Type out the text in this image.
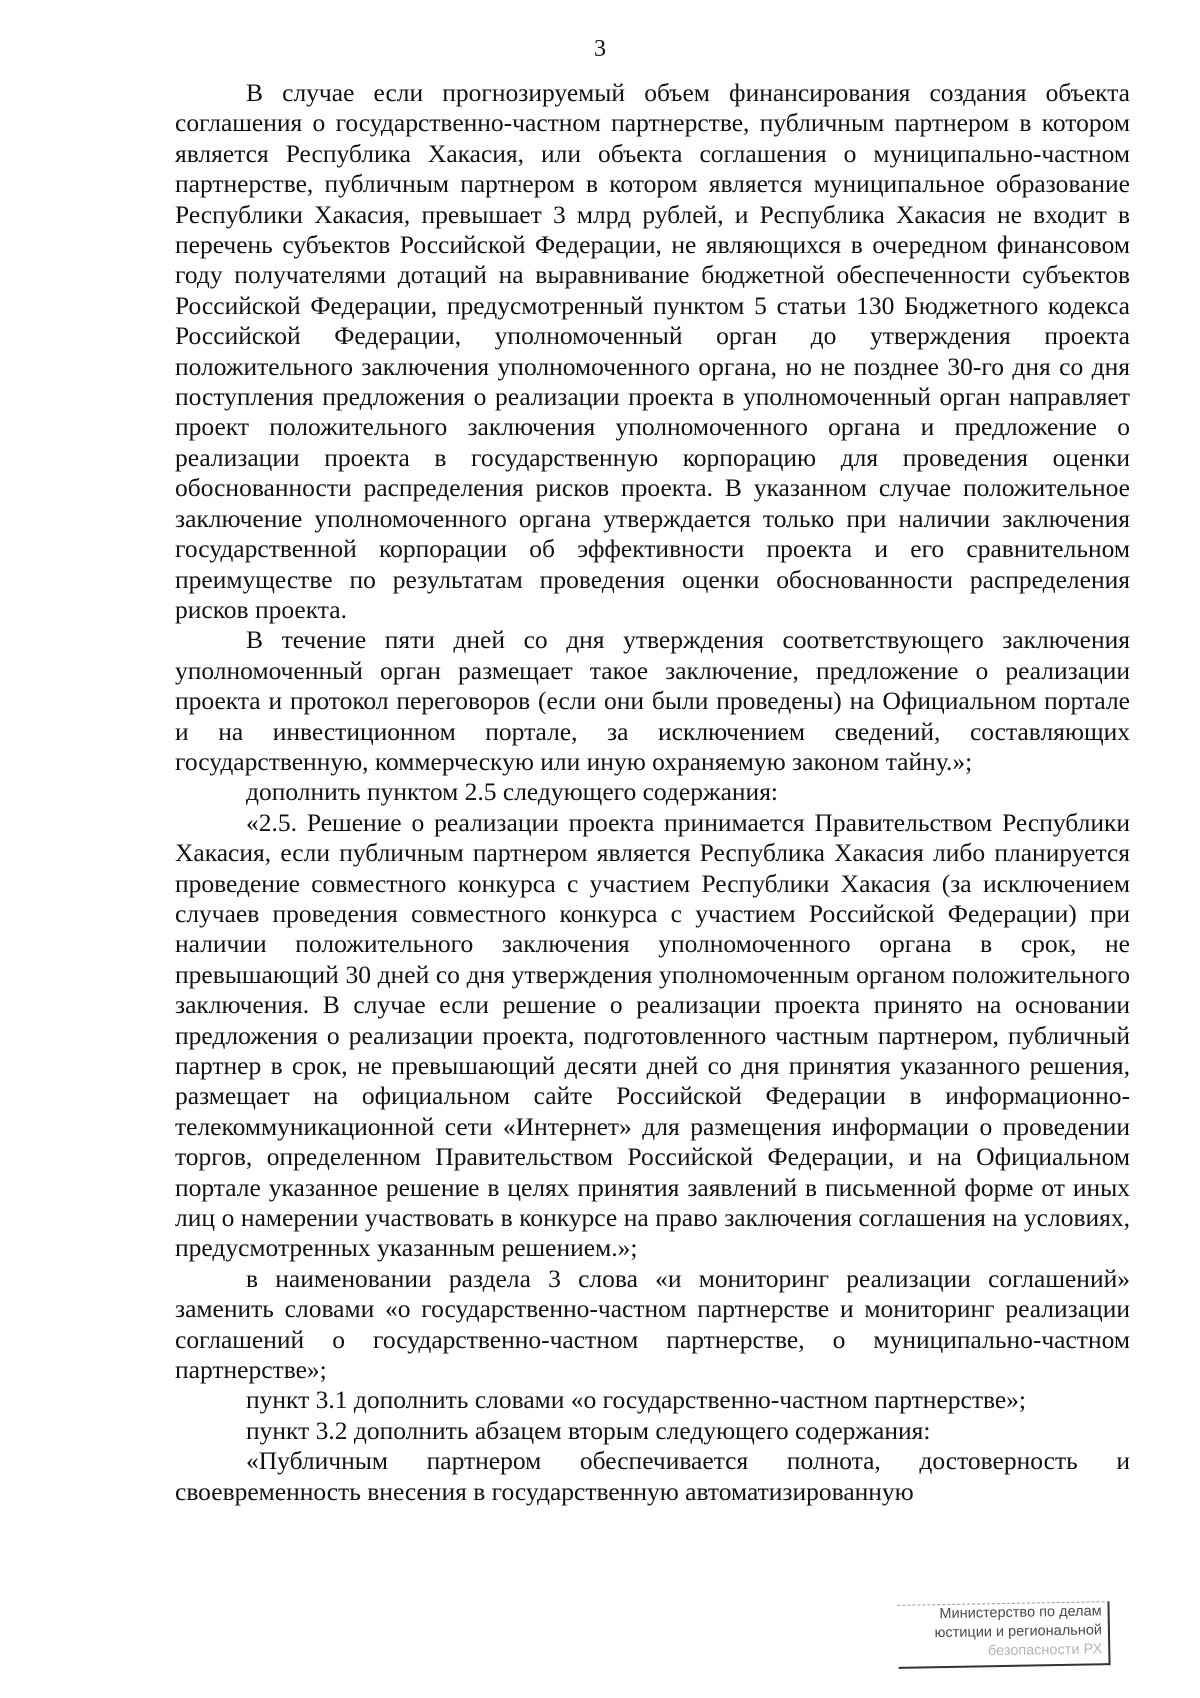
3

В случае если прогнозируемый объем финансирования создания объекта соглашения о государственно-частном партнерстве, публичным партнером в котором является Республика Хакасия, или объекта соглашения о муниципально-частном партнерстве, публичным партнером в котором является муниципальное образование Республики Хакасия, превышает 3 млрд рублей, и Республика Хакасия не входит в перечень субъектов Российской Федерации, не являющихся в очередном финансовом году получателями дотаций на выравнивание бюджетной обеспеченности субъектов Российской Федерации, предусмотренный пунктом 5 статьи 130 Бюджетного кодекса Российской Федерации, уполномоченный орган до утверждения проекта положительного заключения уполномоченного органа, но не позднее 30-го дня со дня поступления предложения о реализации проекта в уполномоченный орган направляет проект положительного заключения уполномоченного органа и предложение о реализации проекта в государственную корпорацию для проведения оценки обоснованности распределения рисков проекта. В указанном случае положительное заключение уполномоченного органа утверждается только при наличии заключения государственной корпорации об эффективности проекта и его сравнительном преимуществе по результатам проведения оценки обоснованности распределения рисков проекта.

В течение пяти дней со дня утверждения соответствующего заключения уполномоченный орган размещает такое заключение, предложение о реализации проекта и протокол переговоров (если они были проведены) на Официальном портале и на инвестиционном портале, за исключением сведений, составляющих государственную, коммерческую или иную охраняемую законом тайну.»;

дополнить пунктом 2.5 следующего содержания:

«2.5. Решение о реализации проекта принимается Правительством Республики Хакасия, если публичным партнером является Республика Хакасия либо планируется проведение совместного конкурса с участием Республики Хакасия (за исключением случаев проведения совместного конкурса с участием Российской Федерации) при наличии положительного заключения уполномоченного органа в срок, не превышающий 30 дней со дня утверждения уполномоченным органом положительного заключения. В случае если решение о реализации проекта принято на основании предложения о реализации проекта, подготовленного частным партнером, публичный партнер в срок, не превышающий десяти дней со дня принятия указанного решения, размещает на официальном сайте Российской Федерации в информационно-телекоммуникационной сети «Интернет» для размещения информации о проведении торгов, определенном Правительством Российской Федерации, и на Официальном портале указанное решение в целях принятия заявлений в письменной форме от иных лиц о намерении участвовать в конкурсе на право заключения соглашения на условиях, предусмотренных указанным решением.»;

в наименовании раздела 3 слова «и мониторинг реализации соглашений» заменить словами «о государственно-частном партнерстве и мониторинг реализации соглашений о государственно-частном партнерстве, о муниципально-частном партнерстве»;

пункт 3.1 дополнить словами «о государственно-частном партнерстве»;

пункт 3.2 дополнить абзацем вторым следующего содержания:

«Публичным партнером обеспечивается полнота, достоверность и своевременность внесения в государственную автоматизированную

Министерство по делам
юстиции и региональной
безопасности РХ
